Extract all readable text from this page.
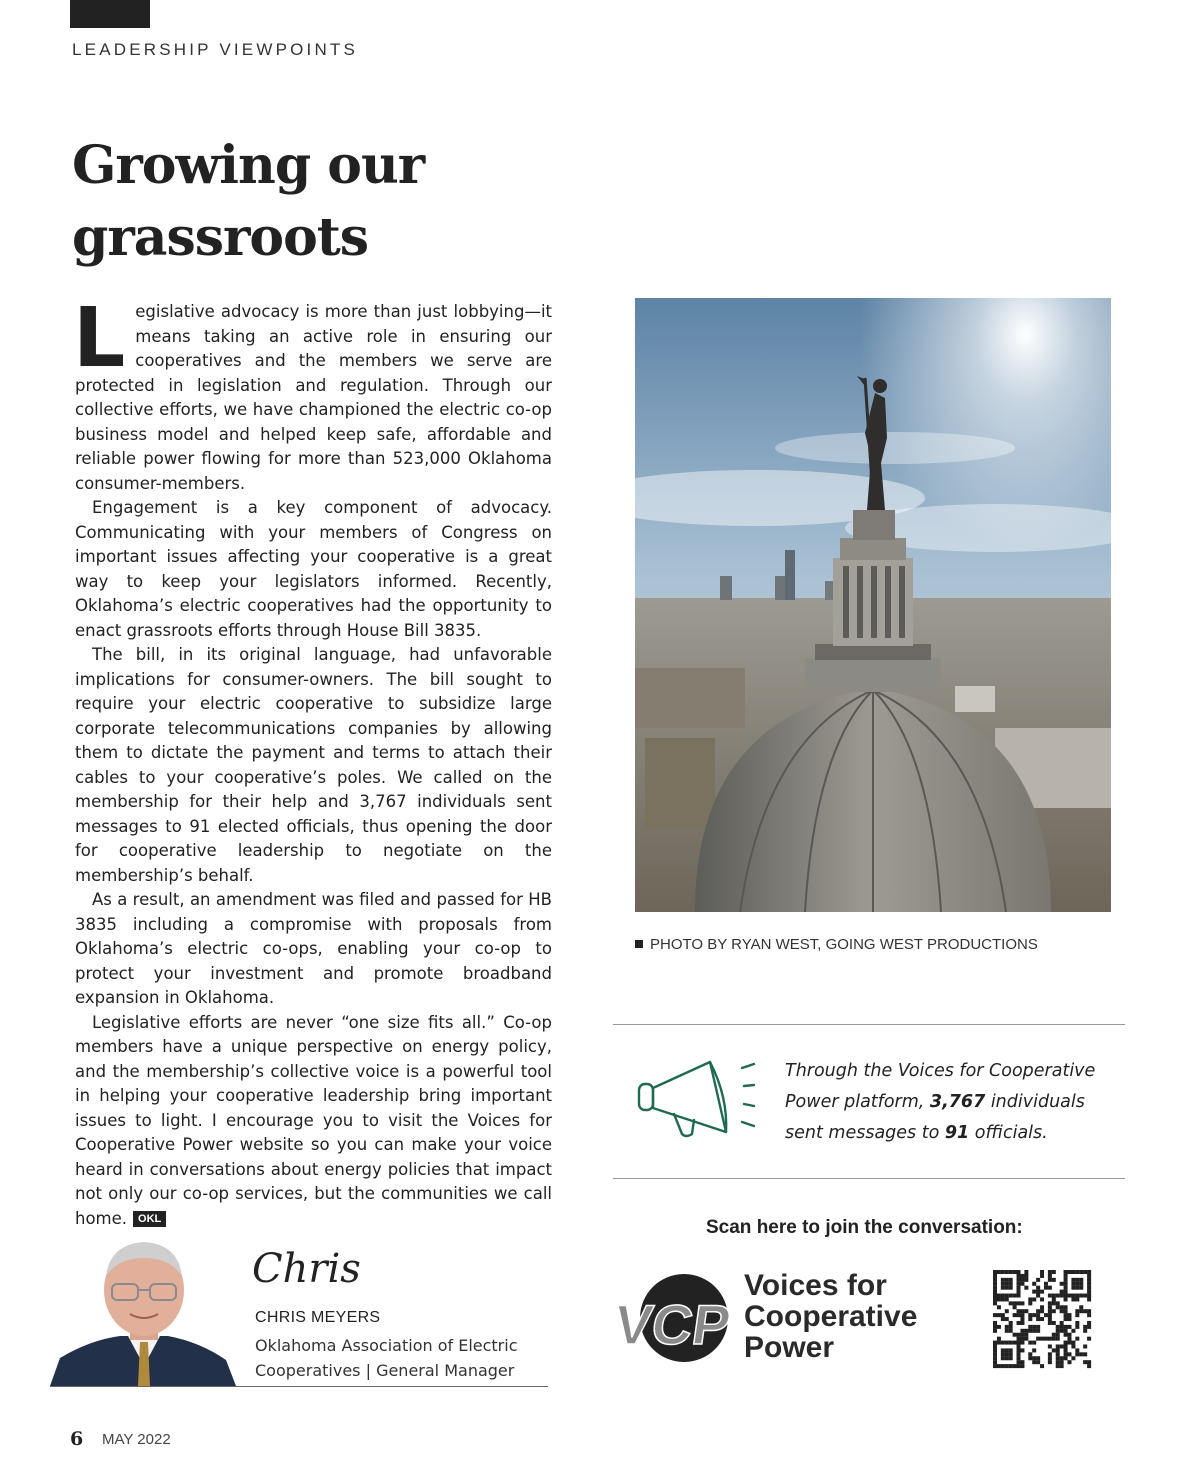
LEADERSHIP VIEWPOINTS
Growing our grassroots

Legislative advocacy is more than just lobbying—it means taking an active role in ensuring our cooperatives and the members we serve are protected in legislation and regulation. Through our collective efforts, we have championed the electric co-op business model and helped keep safe, affordable and reliable power flowing for more than 523,000 Oklahoma consumer-members.

Engagement is a key component of advocacy. Communicating with your members of Congress on important issues affecting your cooperative is a great way to keep your legislators informed. Recently, Oklahoma’s electric cooperatives had the opportunity to enact grassroots efforts through House Bill 3835.

The bill, in its original language, had unfavorable implications for consumer-owners. The bill sought to require your electric cooperative to subsidize large corporate telecommunications companies by allowing them to dictate the payment and terms to attach their cables to your cooperative’s poles. We called on the membership for their help and 3,767 individuals sent messages to 91 elected officials, thus opening the door for cooperative leadership to negotiate on the membership’s behalf.

As a result, an amendment was filed and passed for HB 3835 including a compromise with proposals from Oklahoma’s electric co-ops, enabling your co-op to protect your investment and promote broadband expansion in Oklahoma.

Legislative efforts are never “one size fits all.” Co-op members have a unique perspective on energy policy, and the membership’s collective voice is a powerful tool in helping your cooperative leadership bring important issues to light. I encourage you to visit the Voices for Cooperative Power website so you can make your voice heard in conversations about energy policies that impact not only our co-op services, but the communities we call home. OKL

PHOTO BY RYAN WEST, GOING WEST PRODUCTIONS
Through the Voices for Cooperative Power platform, 3,767 individuals sent messages to 91 officials.
Scan here to join the conversation:
VCP
Voices for
Cooperative
Power
Chris
CHRIS MEYERS
Oklahoma Association of Electric Cooperatives | General Manager
6 MAY 2022
